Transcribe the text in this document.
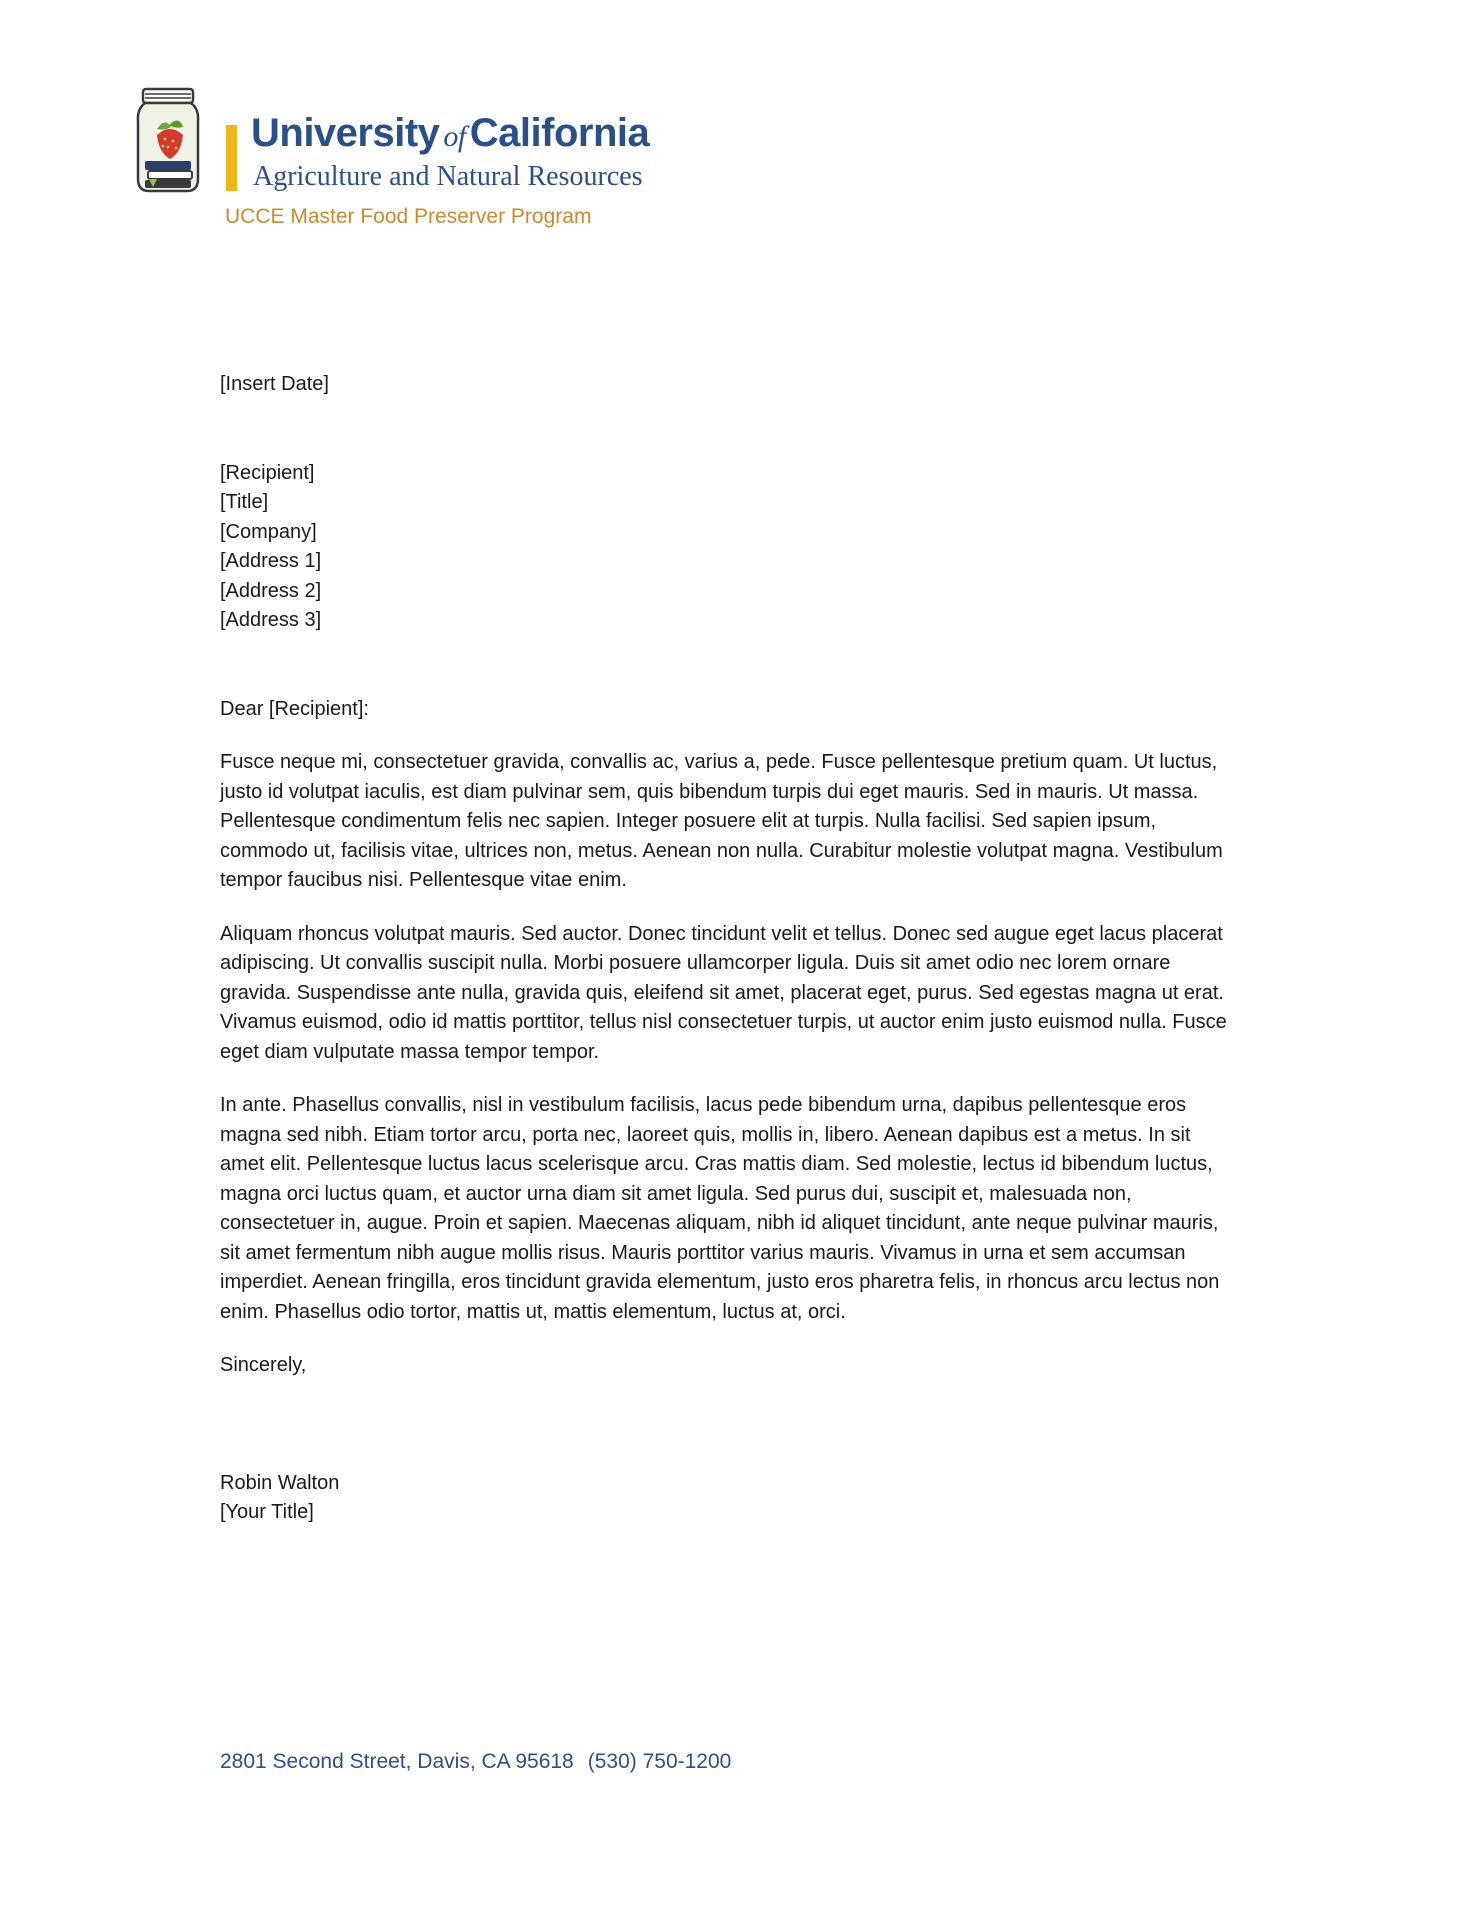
University of California
Agriculture and Natural Resources
UCCE Master Food Preserver Program

[Insert Date]

[Recipient]
[Title]
[Company]
[Address 1]
[Address 2]
[Address 3]

Dear [Recipient]:

Fusce neque mi, consectetuer gravida, convallis ac, varius a, pede. Fusce pellentesque pretium quam. Ut luctus, justo id volutpat iaculis, est diam pulvinar sem, quis bibendum turpis dui eget mauris. Sed in mauris. Ut massa. Pellentesque condimentum felis nec sapien. Integer posuere elit at turpis. Nulla facilisi. Sed sapien ipsum, commodo ut, facilisis vitae, ultrices non, metus. Aenean non nulla. Curabitur molestie volutpat magna. Vestibulum tempor faucibus nisi. Pellentesque vitae enim.

Aliquam rhoncus volutpat mauris. Sed auctor. Donec tincidunt velit et tellus. Donec sed augue eget lacus placerat adipiscing. Ut convallis suscipit nulla. Morbi posuere ullamcorper ligula. Duis sit amet odio nec lorem ornare gravida. Suspendisse ante nulla, gravida quis, eleifend sit amet, placerat eget, purus. Sed egestas magna ut erat. Vivamus euismod, odio id mattis porttitor, tellus nisl consectetuer turpis, ut auctor enim justo euismod nulla. Fusce eget diam vulputate massa tempor tempor.

In ante. Phasellus convallis, nisl in vestibulum facilisis, lacus pede bibendum urna, dapibus pellentesque eros magna sed nibh. Etiam tortor arcu, porta nec, laoreet quis, mollis in, libero. Aenean dapibus est a metus. In sit amet elit. Pellentesque luctus lacus scelerisque arcu. Cras mattis diam. Sed molestie, lectus id bibendum luctus, magna orci luctus quam, et auctor urna diam sit amet ligula. Sed purus dui, suscipit et, malesuada non, consectetuer in, augue. Proin et sapien. Maecenas aliquam, nibh id aliquet tincidunt, ante neque pulvinar mauris, sit amet fermentum nibh augue mollis risus. Mauris porttitor varius mauris. Vivamus in urna et sem accumsan imperdiet. Aenean fringilla, eros tincidunt gravida elementum, justo eros pharetra felis, in rhoncus arcu lectus non enim. Phasellus odio tortor, mattis ut, mattis elementum, luctus at, orci.

Sincerely,

Robin Walton
[Your Title]
2801 Second Street, Davis, CA 95618 (530) 750-1200
